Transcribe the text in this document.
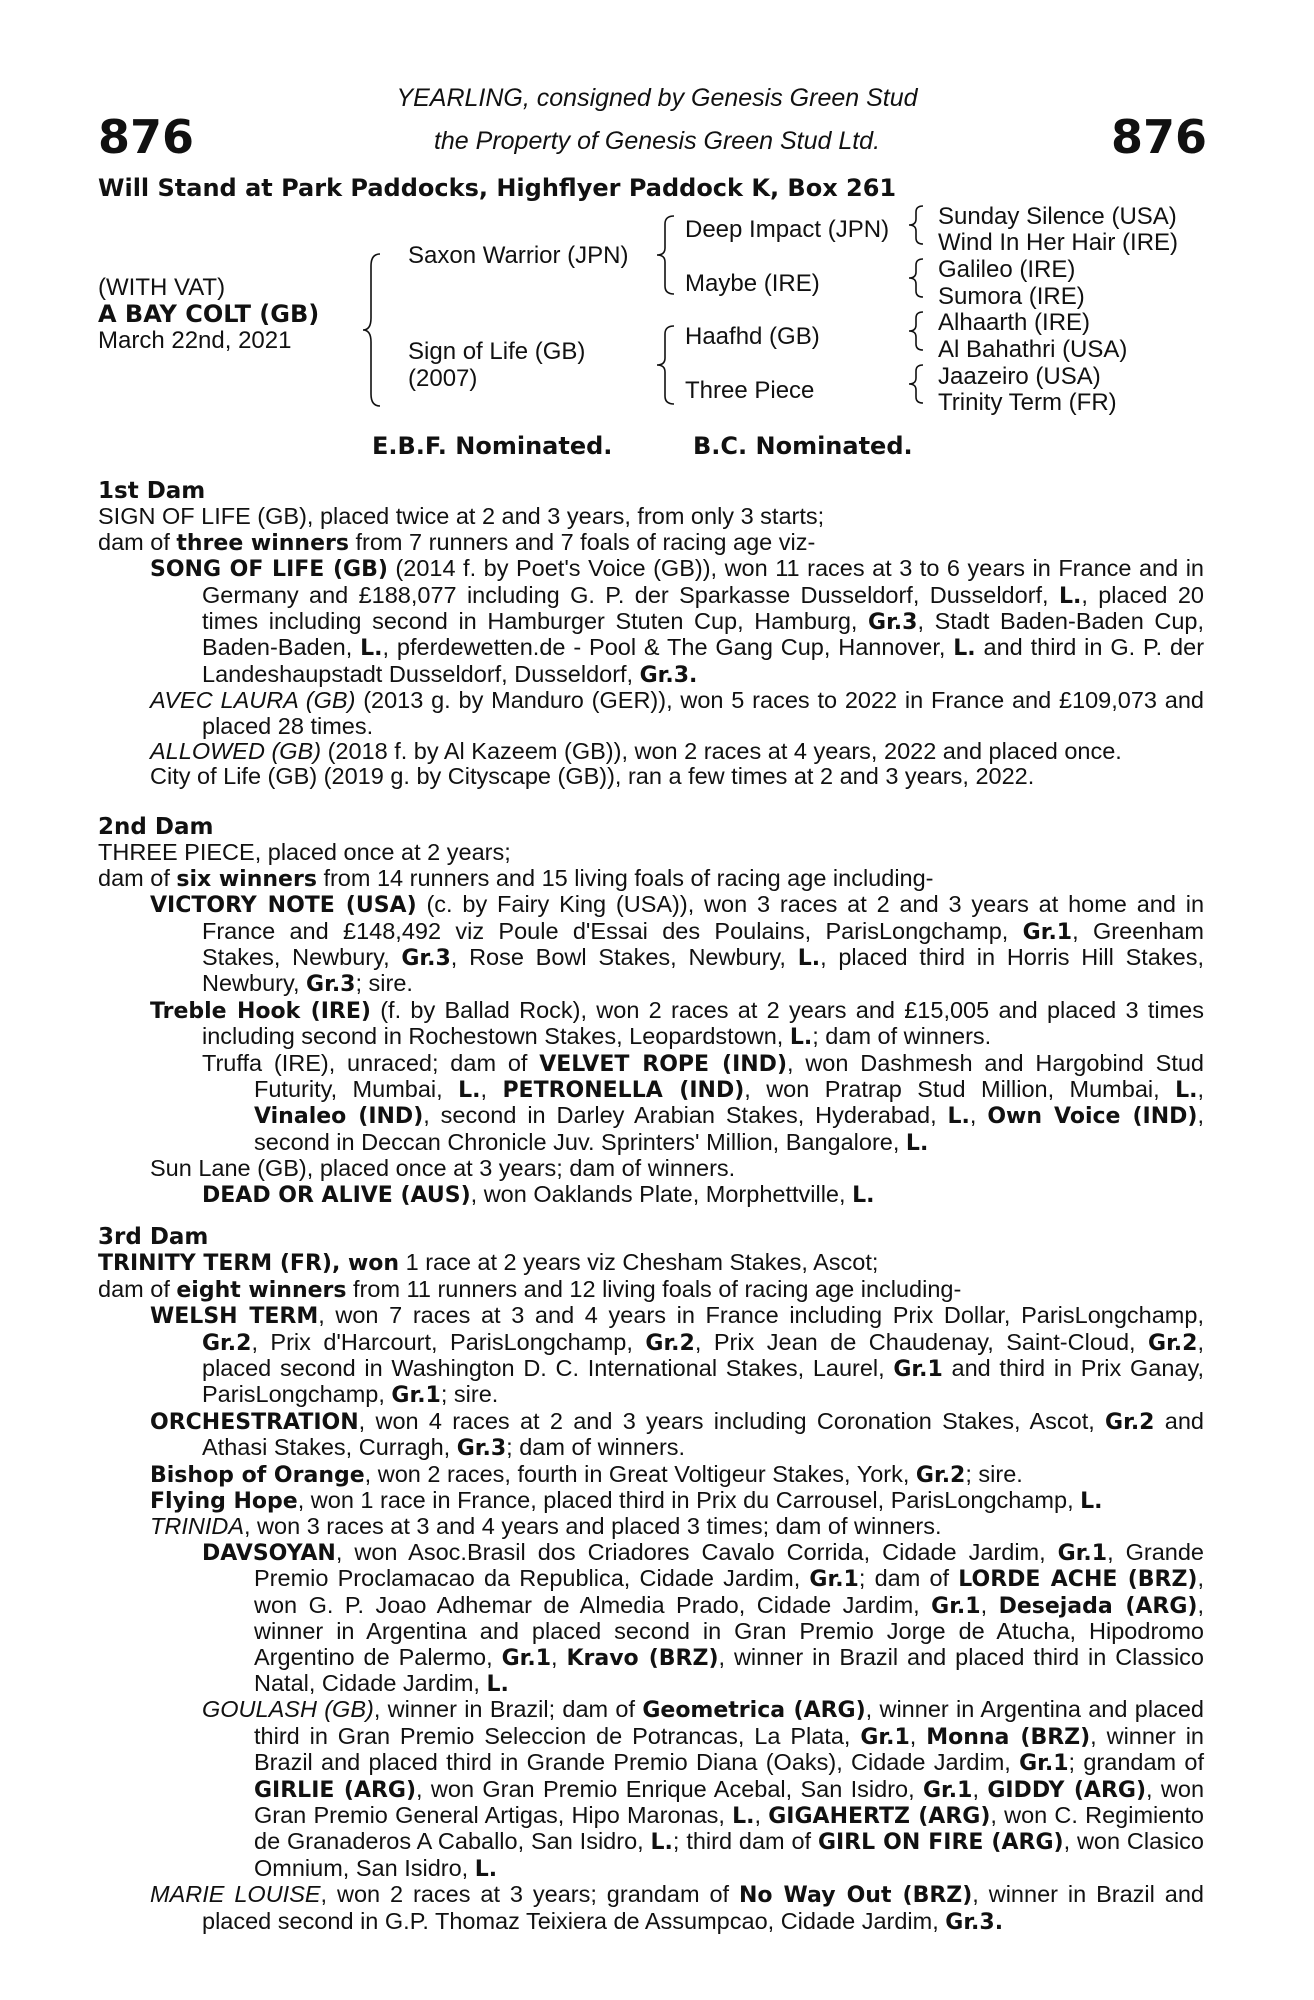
876	876
YEARLING, consigned by Genesis Green Stud
the Property of Genesis Green Stud Ltd.
Will Stand at Park Paddocks, Highflyer Paddock K, Box 261
(WITH VAT)
A BAY COLT (GB)
March 22nd, 2021
Saxon Warrior (JPN)
Sign of Life (GB)
(2007)
Deep Impact (JPN)
Maybe (IRE)
Haafhd (GB)
Three Piece
Sunday Silence (USA)
Wind In Her Hair (IRE)
Galileo (IRE)
Sumora (IRE)
Alhaarth (IRE)
Al Bahathri (USA)
Jaazeiro (USA)
Trinity Term (FR)
E.B.F. Nominated.	B.C. Nominated.
1st Dam
SIGN OF LIFE (GB), placed twice at 2 and 3 years, from only 3 starts;
dam of three winners from 7 runners and 7 foals of racing age viz-
SONG OF LIFE (GB) (2014 f. by Poet's Voice (GB)), won 11 races at 3 to 6 years in France and in Germany and £188,077 including G. P. der Sparkasse Dusseldorf, Dusseldorf, L., placed 20 times including second in Hamburger Stuten Cup, Hamburg, Gr.3, Stadt Baden-Baden Cup, Baden-Baden, L., pferdewetten.de - Pool & The Gang Cup, Hannover, L. and third in G. P. der Landeshaupstadt Dusseldorf, Dusseldorf, Gr.3.
AVEC LAURA (GB) (2013 g. by Manduro (GER)), won 5 races to 2022 in France and £109,073 and placed 28 times.
ALLOWED (GB) (2018 f. by Al Kazeem (GB)), won 2 races at 4 years, 2022 and placed once.
City of Life (GB) (2019 g. by Cityscape (GB)), ran a few times at 2 and 3 years, 2022.
2nd Dam
THREE PIECE, placed once at 2 years;
dam of six winners from 14 runners and 15 living foals of racing age including-
VICTORY NOTE (USA) (c. by Fairy King (USA)), won 3 races at 2 and 3 years at home and in France and £148,492 viz Poule d'Essai des Poulains, ParisLongchamp, Gr.1, Greenham Stakes, Newbury, Gr.3, Rose Bowl Stakes, Newbury, L., placed third in Horris Hill Stakes, Newbury, Gr.3; sire.
Treble Hook (IRE) (f. by Ballad Rock), won 2 races at 2 years and £15,005 and placed 3 times including second in Rochestown Stakes, Leopardstown, L.; dam of winners.
Truffa (IRE), unraced; dam of VELVET ROPE (IND), won Dashmesh and Hargobind Stud Futurity, Mumbai, L., PETRONELLA (IND), won Pratrap Stud Million, Mumbai, L., Vinaleo (IND), second in Darley Arabian Stakes, Hyderabad, L., Own Voice (IND), second in Deccan Chronicle Juv. Sprinters' Million, Bangalore, L.
Sun Lane (GB), placed once at 3 years; dam of winners.
DEAD OR ALIVE (AUS), won Oaklands Plate, Morphettville, L.
3rd Dam
TRINITY TERM (FR), won 1 race at 2 years viz Chesham Stakes, Ascot;
dam of eight winners from 11 runners and 12 living foals of racing age including-
WELSH TERM, won 7 races at 3 and 4 years in France including Prix Dollar, ParisLongchamp, Gr.2, Prix d'Harcourt, ParisLongchamp, Gr.2, Prix Jean de Chaudenay, Saint-Cloud, Gr.2, placed second in Washington D. C. International Stakes, Laurel, Gr.1 and third in Prix Ganay, ParisLongchamp, Gr.1; sire.
ORCHESTRATION, won 4 races at 2 and 3 years including Coronation Stakes, Ascot, Gr.2 and Athasi Stakes, Curragh, Gr.3; dam of winners.
Bishop of Orange, won 2 races, fourth in Great Voltigeur Stakes, York, Gr.2; sire.
Flying Hope, won 1 race in France, placed third in Prix du Carrousel, ParisLongchamp, L.
TRINIDA, won 3 races at 3 and 4 years and placed 3 times; dam of winners.
DAVSOYAN, won Asoc.Brasil dos Criadores Cavalo Corrida, Cidade Jardim, Gr.1, Grande Premio Proclamacao da Republica, Cidade Jardim, Gr.1; dam of LORDE ACHE (BRZ), won G. P. Joao Adhemar de Almedia Prado, Cidade Jardim, Gr.1, Desejada (ARG), winner in Argentina and placed second in Gran Premio Jorge de Atucha, Hipodromo Argentino de Palermo, Gr.1, Kravo (BRZ), winner in Brazil and placed third in Classico Natal, Cidade Jardim, L.
GOULASH (GB), winner in Brazil; dam of Geometrica (ARG), winner in Argentina and placed third in Gran Premio Seleccion de Potrancas, La Plata, Gr.1, Monna (BRZ), winner in Brazil and placed third in Grande Premio Diana (Oaks), Cidade Jardim, Gr.1; grandam of GIRLIE (ARG), won Gran Premio Enrique Acebal, San Isidro, Gr.1, GIDDY (ARG), won Gran Premio General Artigas, Hipo Maronas, L., GIGAHERTZ (ARG), won C. Regimiento de Granaderos A Caballo, San Isidro, L.; third dam of GIRL ON FIRE (ARG), won Clasico Omnium, San Isidro, L.
MARIE LOUISE, won 2 races at 3 years; grandam of No Way Out (BRZ), winner in Brazil and placed second in G.P. Thomaz Teixiera de Assumpcao, Cidade Jardim, Gr.3.
